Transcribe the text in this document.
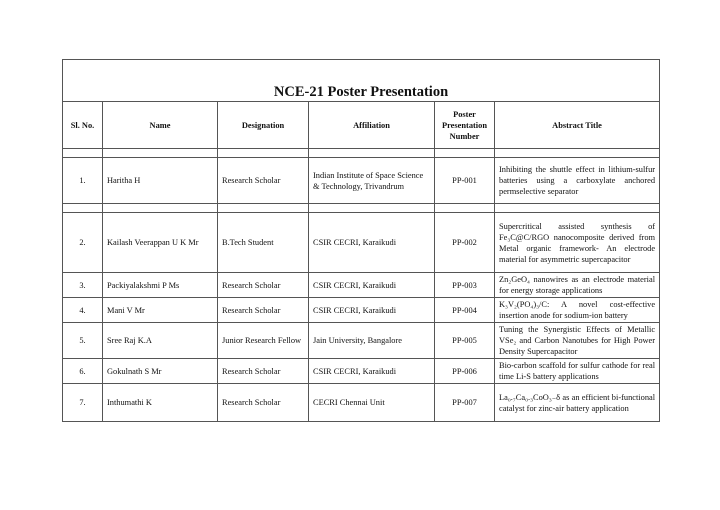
NCE-21 Poster Presentation					
Sl. No.	Name	Designation	Affiliation	Poster Presentation Number	Abstract Title

1.	Haritha H	Research Scholar	Indian Institute of Space Science & Technology, Trivandrum	PP-001	Inhibiting the shuttle effect in lithium-sulfur batteries using a carboxylate anchored permselective separator

2.	Kailash Veerappan U K Mr	B.Tech Student	CSIR CECRI, Karaikudi	PP-002	Supercritical assisted synthesis of Fe₃C@C/RGO nanocomposite derived from Metal organic framework- An electrode material for asymmetric supercapacitor
3.	Packiyalakshmi P Ms	Research Scholar	CSIR CECRI, Karaikudi	PP-003	Zn₂GeO₄ nanowires as an electrode material for energy storage applications
4.	Mani V Mr	Research Scholar	CSIR CECRI, Karaikudi	PP-004	K₃V₂(PO₄)₃/C: A novel cost-effective insertion anode for sodium-ion battery
5.	Sree Raj K.A	Junior Research Fellow	Jain University, Bangalore	PP-005	Tuning the Synergistic Effects of Metallic VSe₂ and Carbon Nanotubes for High Power Density Supercapacitor
6.	Gokulnath S Mr	Research Scholar	CSIR CECRI, Karaikudi	PP-006	Bio-carbon scaffold for sulfur cathode for real time Li-S battery applications
7.	Inthumathi K	Research Scholar	CECRI Chennai Unit	PP-007	La₀.₇Ca₀.₃CoO₃₋δ as an efficient bi-functional catalyst for zinc-air battery application
